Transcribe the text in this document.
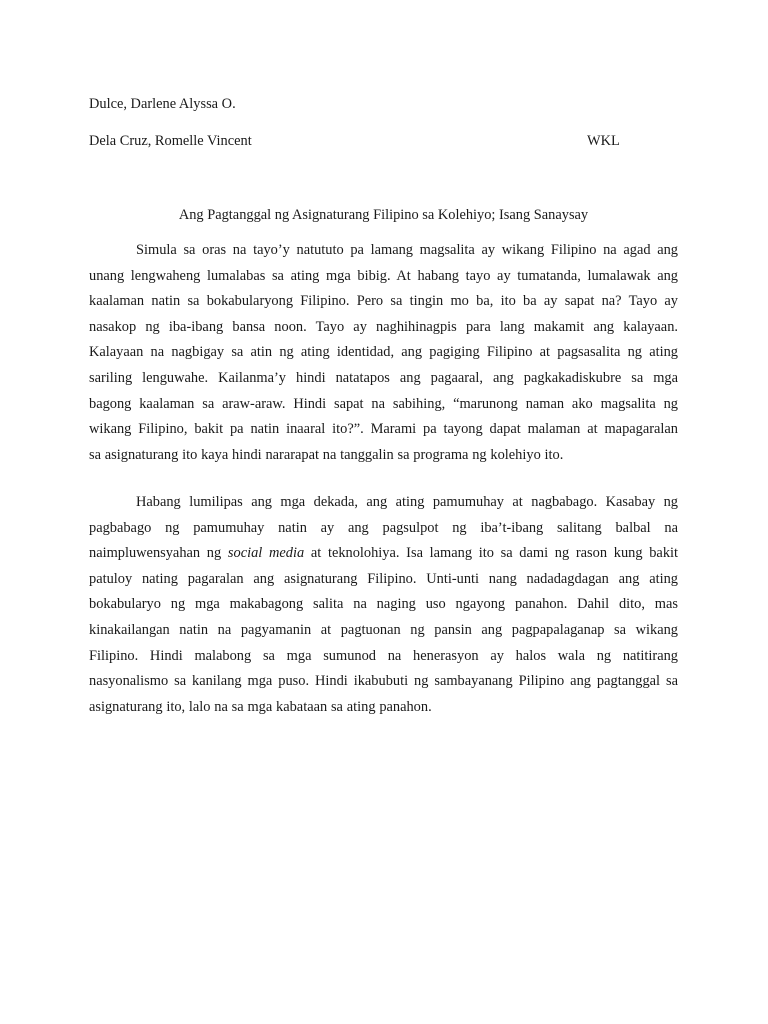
Dulce, Darlene Alyssa O.
Dela Cruz, Romelle Vincent	WKL
Ang Pagtanggal ng Asignaturang Filipino sa Kolehiyo; Isang Sanaysay
Simula sa oras na tayo’y natututo pa lamang magsalita ay wikang Filipino na agad ang
unang lengwaheng lumalabas sa ating mga bibig. At habang tayo ay tumatanda, lumalawak ang
kaalaman natin sa bokabularyong Filipino. Pero sa tingin mo ba, ito ba ay sapat na? Tayo ay
nasakop ng iba-ibang bansa noon. Tayo ay naghihinagpis para lang makamit ang kalayaan.
Kalayaan na nagbigay sa atin ng ating identidad, ang pagiging Filipino at pagsasalita ng ating
sariling lenguwahe. Kailanma’y hindi natatapos ang pagaaral, ang pagkakadiskubre sa mga
bagong kaalaman sa araw-araw. Hindi sapat na sabihing, “marunong naman ako magsalita ng
wikang Filipino, bakit pa natin inaaral ito?”. Marami pa tayong dapat malaman at mapagaralan
sa asignaturang ito kaya hindi nararapat na tanggalin sa programa ng kolehiyo ito.
Habang lumilipas ang mga dekada, ang ating pamumuhay at nagbabago. Kasabay ng
pagbabago ng pamumuhay natin ay ang pagsulpot ng iba’t-ibang salitang balbal na
naimpluwensyahan ng social media at teknolohiya. Isa lamang ito sa dami ng rason kung bakit
patuloy nating pagaralan ang asignaturang Filipino. Unti-unti nang nadadagdagan ang ating
bokabularyo ng mga makabagong salita na naging uso ngayong panahon. Dahil dito, mas
kinakailangan natin na pagyamanin at pagtuonan ng pansin ang pagpapalaganap sa wikang
Filipino. Hindi malabong sa mga sumunod na henerasyon ay halos wala ng natitirang
nasyonalismo sa kanilang mga puso. Hindi ikabubuti ng sambayanang Pilipino ang pagtanggal sa
asignaturang ito, lalo na sa mga kabataan sa ating panahon.
